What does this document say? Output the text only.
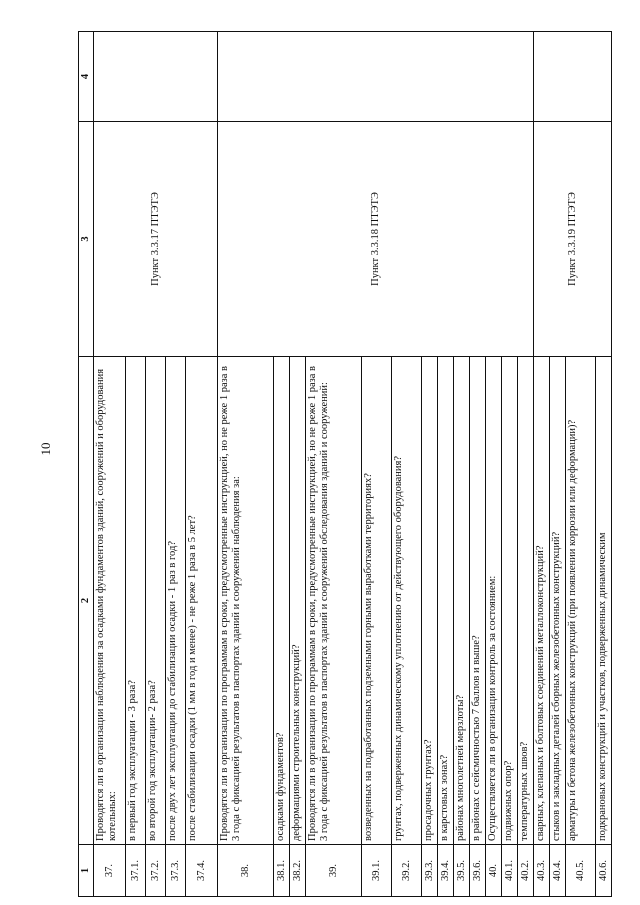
10
1	2	3	4
37.	Проводятся ли в организации наблюдения за осадками фундаментов зданий, сооружений и оборудования котельных:	Пункт 3.3.17 ПТЭТЭ	
37.1.	в первый год эксплуатации - 3 раза?		
37.2.	во второй год эксплуатации- 2 раза?		
37.3.	после двух лет эксплуатации до стабилизации осадки - 1 раз в год?		
37.4.	после стабилизации осадки (1 мм в год и менее) - не реже 1 раза в 5 лет?		
38.	Проводятся ли в организации по программам в сроки, предусмотренные инструкцией, но не реже 1 раза в 3 года с фиксацией результатов в паспортах зданий и сооружений наблюдения за:	Пункт 3.3.18 ПТЭТЭ	
38.1.	осадками фундаментов?		
38.2.	деформациями строительных конструкций?		
39.	Проводятся ли в организации по программам в сроки, предусмотренные инструкцией, но не реже 1 раза в 3 года с фиксацией результатов в паспортах зданий и сооружений обследования зданий и сооружений:		
39.1.	возведенных на подработанных подземными горными выработками территориях?		
39.2.	грунтах, подверженных динамическому уплотнению от действующего оборудования?		
39.3.	просадочных грунтах?		
39.4.	в карстовых зонах?		
39.5.	районах многолетней мерзлоты?		
39.6.	в районах с сейсмичностью 7 баллов и выше?		
40.	Осуществляется ли в организации контроль за состоянием:		
40.1.	подвижных опор?		
40.2.	температурных швов?		
40.3.	сварных, клепаных и болтовых соединений металлоконструкций?	Пункт 3.3.19 ПТЭТЭ	
40.4.	стыков и закладных деталей сборных железобетонных конструкций?		
40.5.	арматуры и бетона железобетонных конструкций (при появлении коррозии или деформации)?		
40.6.	подкрановых конструкций и участков, подверженных динамическим		
